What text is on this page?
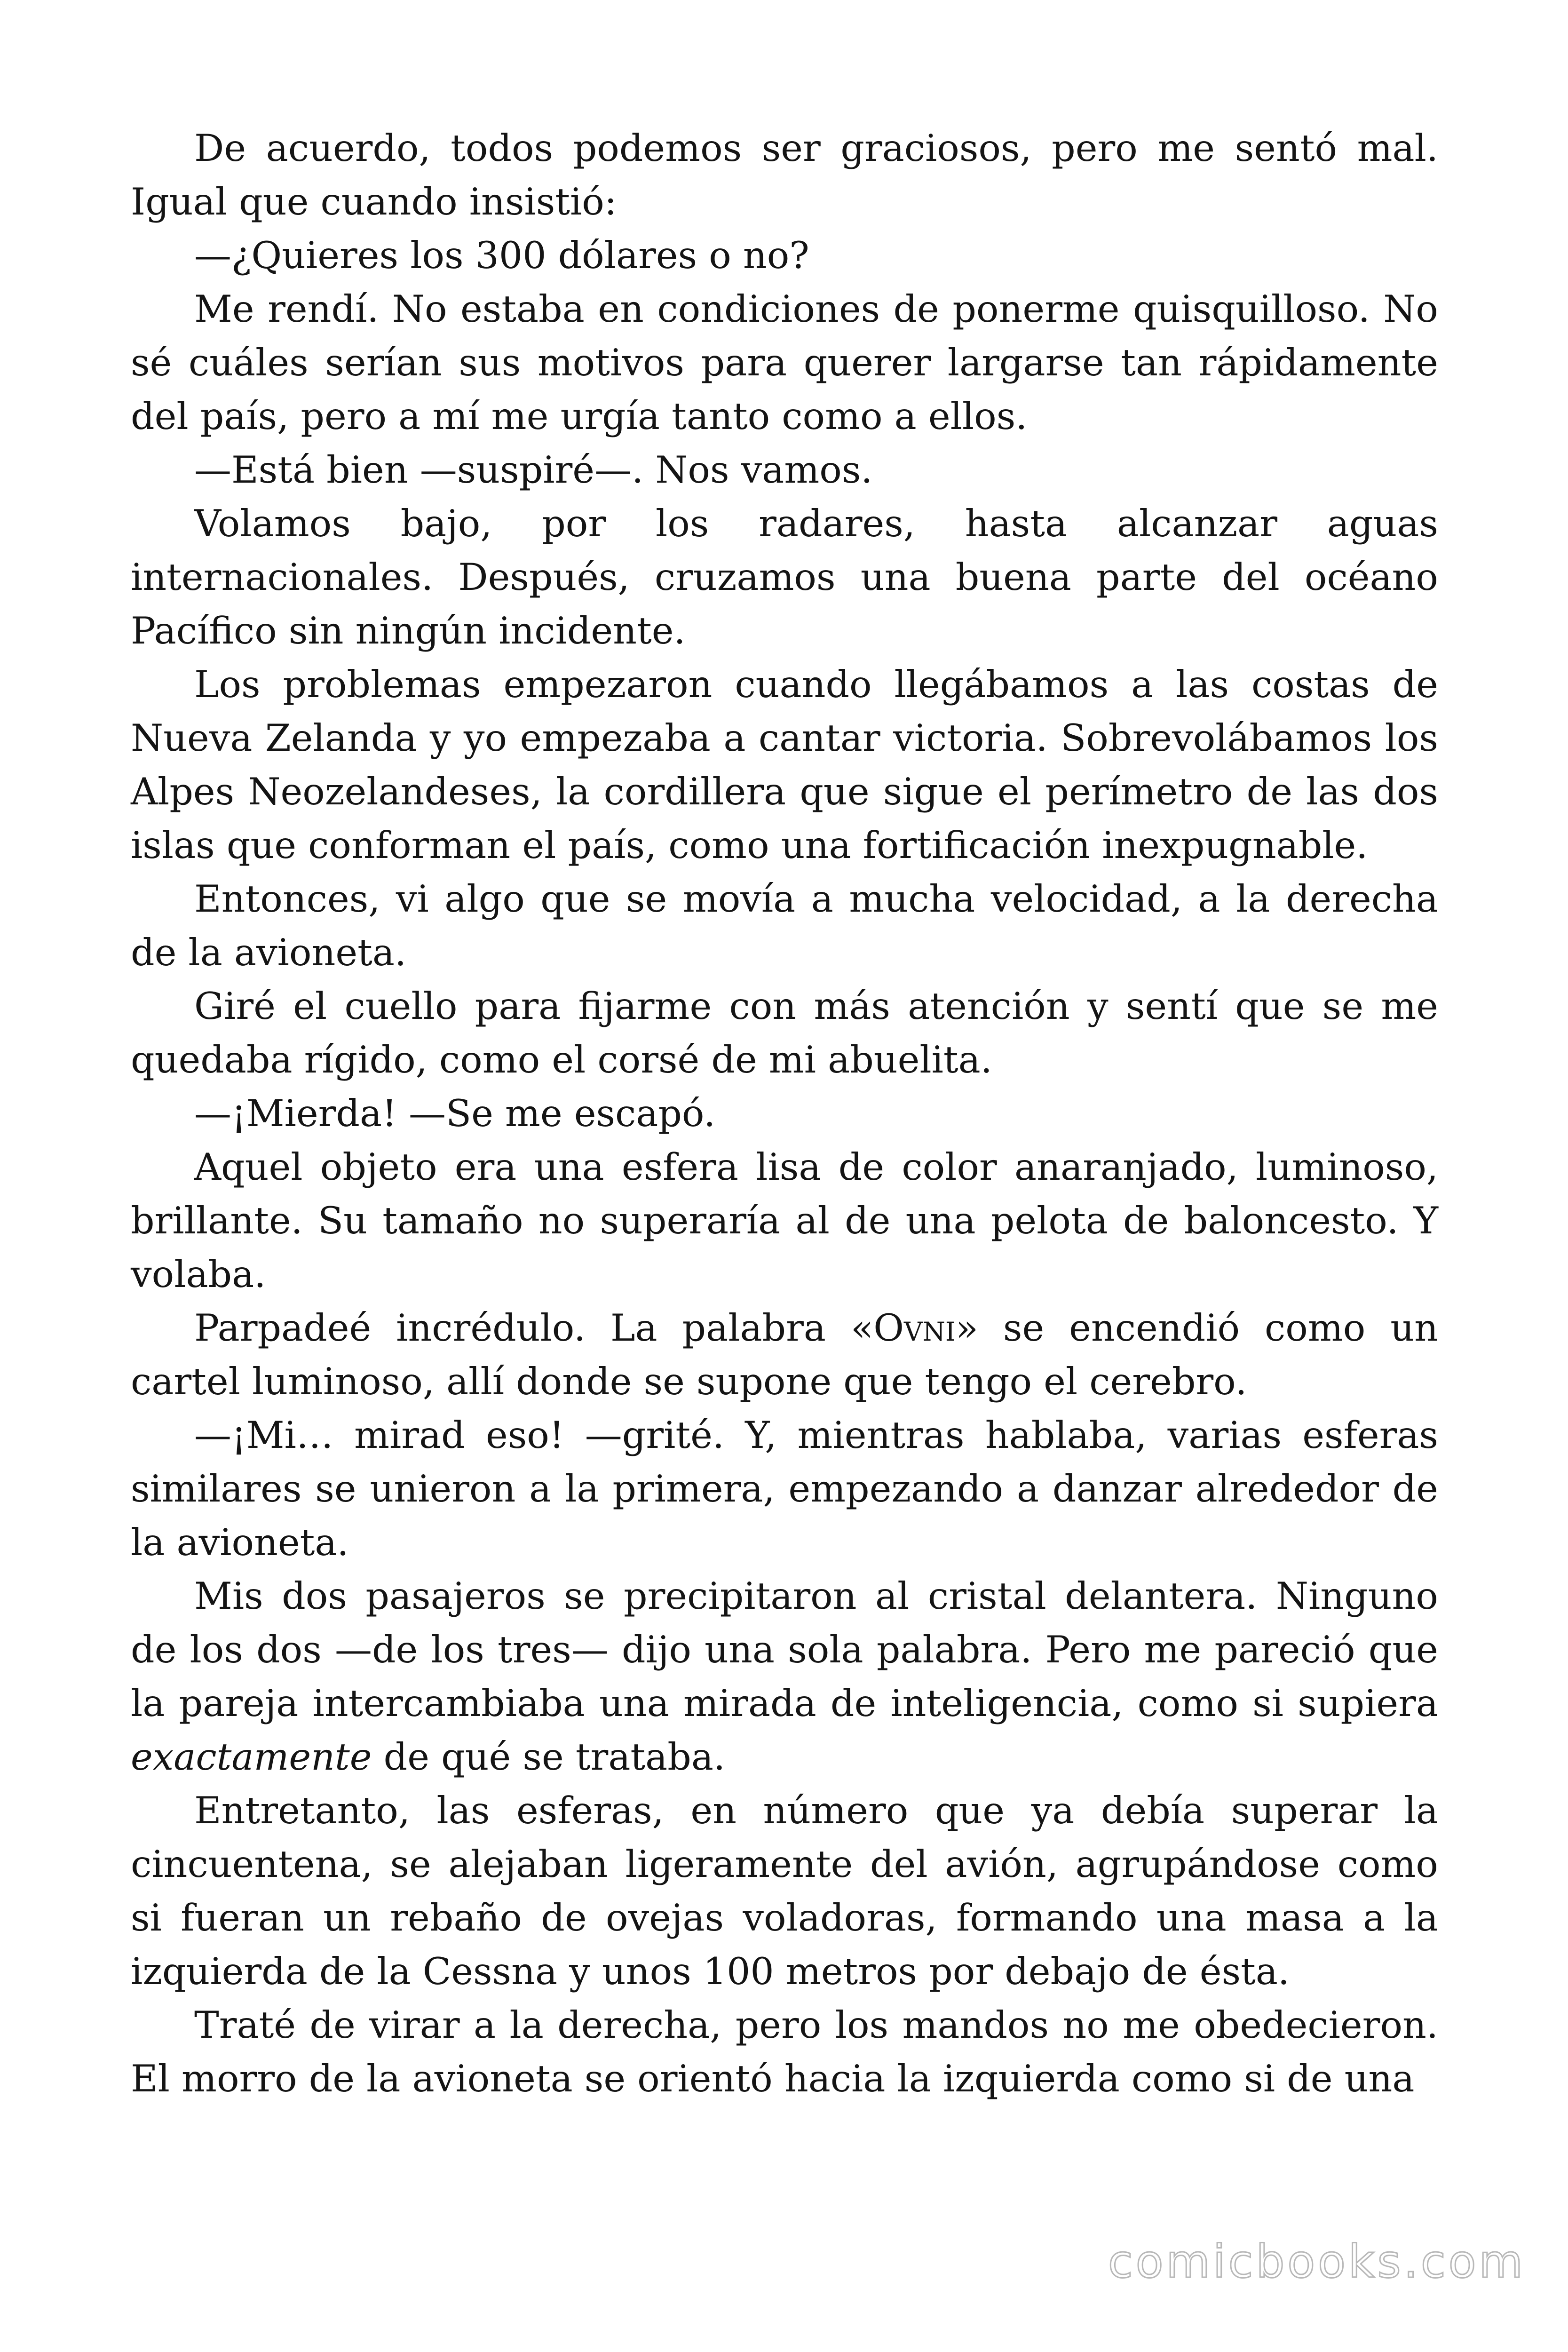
De acuerdo, todos podemos ser graciosos, pero me sentó mal. Igual que cuando insistió:

—¿Quieres los 300 dólares o no?

Me rendí. No estaba en condiciones de ponerme quisquilloso. No sé cuáles serían sus motivos para querer largarse tan rápidamente del país, pero a mí me urgía tanto como a ellos.

—Está bien —suspiré—. Nos vamos.

Volamos bajo, por los radares, hasta alcanzar aguas internacionales. Después, cruzamos una buena parte del océano Pacífico sin ningún incidente.

Los problemas empezaron cuando llegábamos a las costas de Nueva Zelanda y yo empezaba a cantar victoria. Sobrevolábamos los Alpes Neozelandeses, la cordillera que sigue el perímetro de las dos islas que conforman el país, como una fortificación inexpugnable.

Entonces, vi algo que se movía a mucha velocidad, a la derecha de la avioneta.

Giré el cuello para fijarme con más atención y sentí que se me quedaba rígido, como el corsé de mi abuelita.

—¡Mierda! —Se me escapó.

Aquel objeto era una esfera lisa de color anaranjado, luminoso, brillante. Su tamaño no superaría al de una pelota de baloncesto. Y volaba.

Parpadeé incrédulo. La palabra «Ovni» se encendió como un cartel luminoso, allí donde se supone que tengo el cerebro.

—¡Mi… mirad eso! —grité. Y, mientras hablaba, varias esferas similares se unieron a la primera, empezando a danzar alrededor de la avioneta.

Mis dos pasajeros se precipitaron al cristal delantera. Ninguno de los dos —de los tres— dijo una sola palabra. Pero me pareció que la pareja intercambiaba una mirada de inteligencia, como si supiera exactamente de qué se trataba.

Entretanto, las esferas, en número que ya debía superar la cincuentena, se alejaban ligeramente del avión, agrupándose como si fueran un rebaño de ovejas voladoras, formando una masa a la izquierda de la Cessna y unos 100 metros por debajo de ésta.

Traté de virar a la derecha, pero los mandos no me obedecieron. El morro de la avioneta se orientó hacia la izquierda como si de una

comicbooks.com
